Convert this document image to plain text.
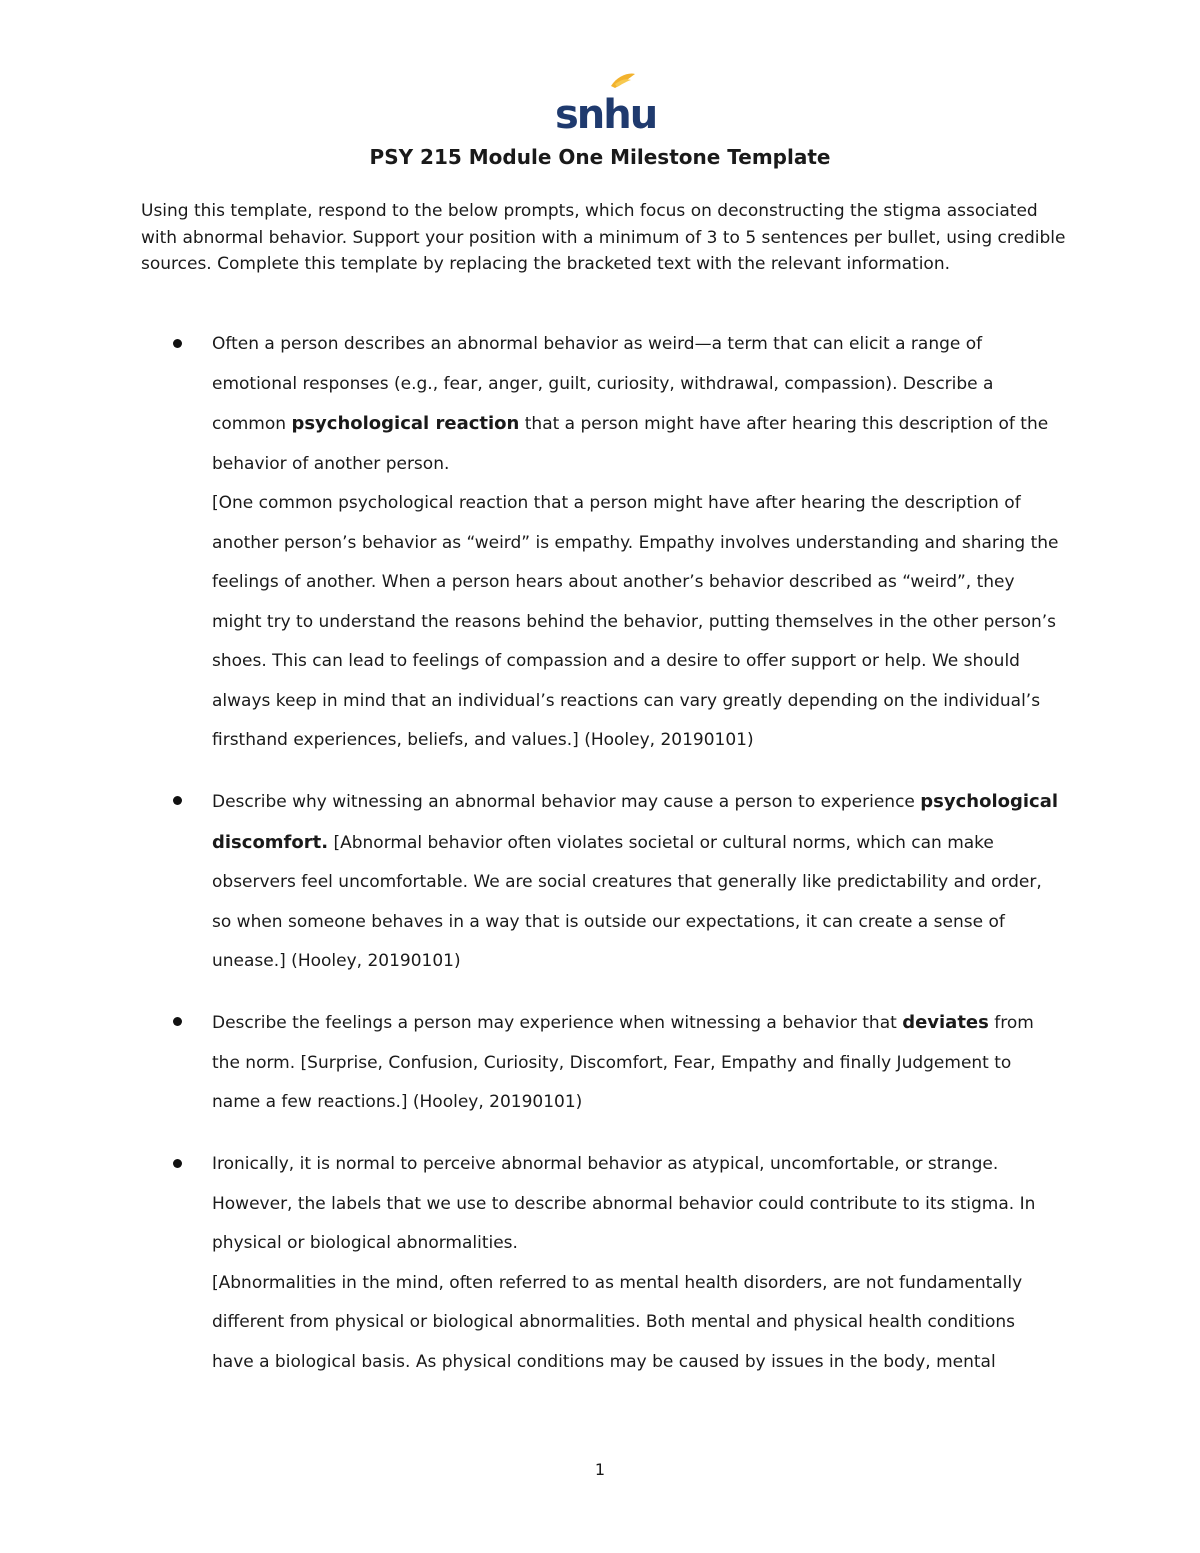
snhu
PSY 215 Module One Milestone Template

Using this template, respond to the below prompts, which focus on deconstructing the stigma associated with abnormal behavior. Support your position with a minimum of 3 to 5 sentences per bullet, using credible sources. Complete this template by replacing the bracketed text with the relevant information.

Often a person describes an abnormal behavior as weird—a term that can elicit a range of emotional responses (e.g., fear, anger, guilt, curiosity, withdrawal, compassion). Describe a common psychological reaction that a person might have after hearing this description of the behavior of another person.

[One common psychological reaction that a person might have after hearing the description of another person’s behavior as “weird” is empathy. Empathy involves understanding and sharing the feelings of another. When a person hears about another’s behavior described as “weird”, they might try to understand the reasons behind the behavior, putting themselves in the other person’s shoes. This can lead to feelings of compassion and a desire to offer support or help. We should always keep in mind that an individual’s reactions can vary greatly depending on the individual’s firsthand experiences, beliefs, and values.] (Hooley, 20190101)

Describe why witnessing an abnormal behavior may cause a person to experience psychological discomfort. [Abnormal behavior often violates societal or cultural norms, which can make observers feel uncomfortable. We are social creatures that generally like predictability and order, so when someone behaves in a way that is outside our expectations, it can create a sense of unease.] (Hooley, 20190101)

Describe the feelings a person may experience when witnessing a behavior that deviates from the norm. [Surprise, Confusion, Curiosity, Discomfort, Fear, Empathy and finally Judgement to name a few reactions.] (Hooley, 20190101)

Ironically, it is normal to perceive abnormal behavior as atypical, uncomfortable, or strange. However, the labels that we use to describe abnormal behavior could contribute to its stigma. In physical or biological abnormalities.

[Abnormalities in the mind, often referred to as mental health disorders, are not fundamentally different from physical or biological abnormalities. Both mental and physical health conditions have a biological basis. As physical conditions may be caused by issues in the body, mental

1
